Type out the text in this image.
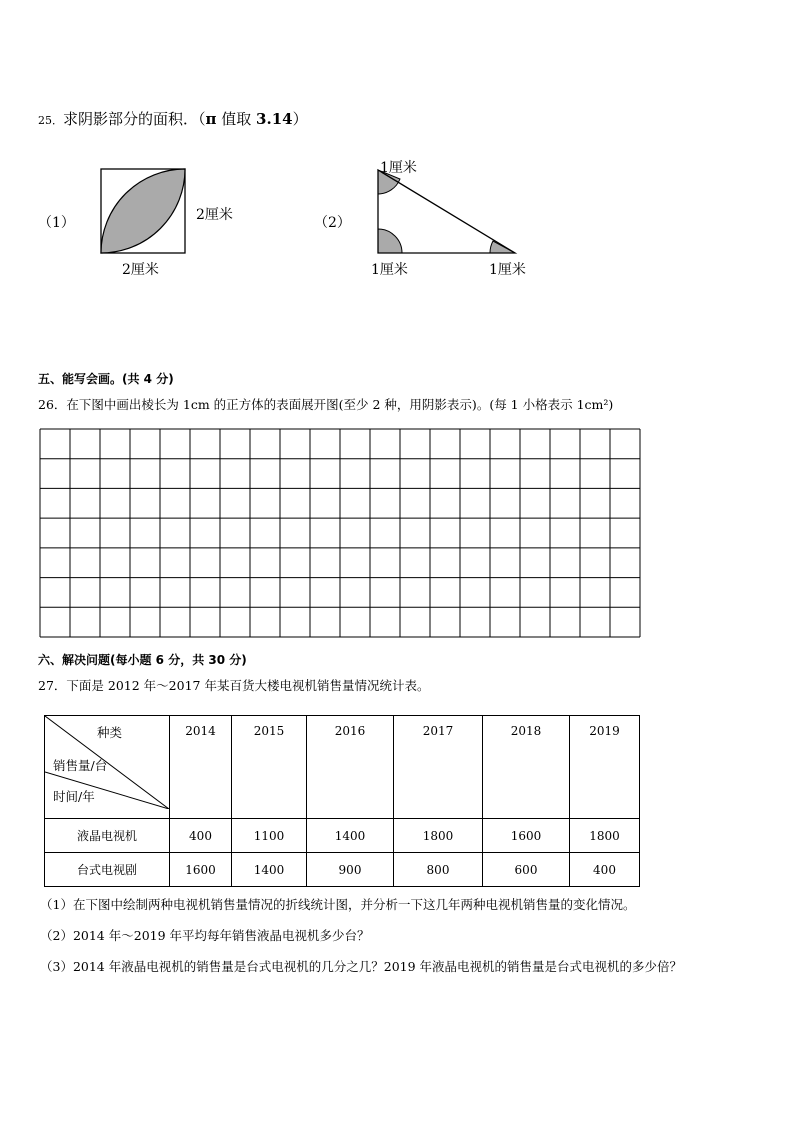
25．求阴影部分的面积．（π 值取 3.14）
（1）	2厘米
2厘米
（2）
1厘米
1厘米	1厘米
五、能写会画。(共 4 分)
26．在下图中画出棱长为 1cm 的正方体的表面展开图(至少 2 种，用阴影表示)。(每 1 小格表示 1cm²)
六、解决问题(每小题 6 分，共 30 分)
27．下面是 2012 年～2017 年某百货大楼电视机销售量情况统计表。
种类
销售量/台
时间/年	2014	2015	2016	2017	2018	2019
液晶电视机	400	1100	1400	1800	1600	1800
台式电视剧	1600	1400	900	800	600	400
（1）在下图中绘制两种电视机销售量情况的折线统计图，并分析一下这几年两种电视机销售量的变化情况。
（2）2014 年～2019 年平均每年销售液晶电视机多少台？
（3）2014 年液晶电视机的销售量是台式电视机的几分之几？2019 年液晶电视机的销售量是台式电视机的多少倍？
